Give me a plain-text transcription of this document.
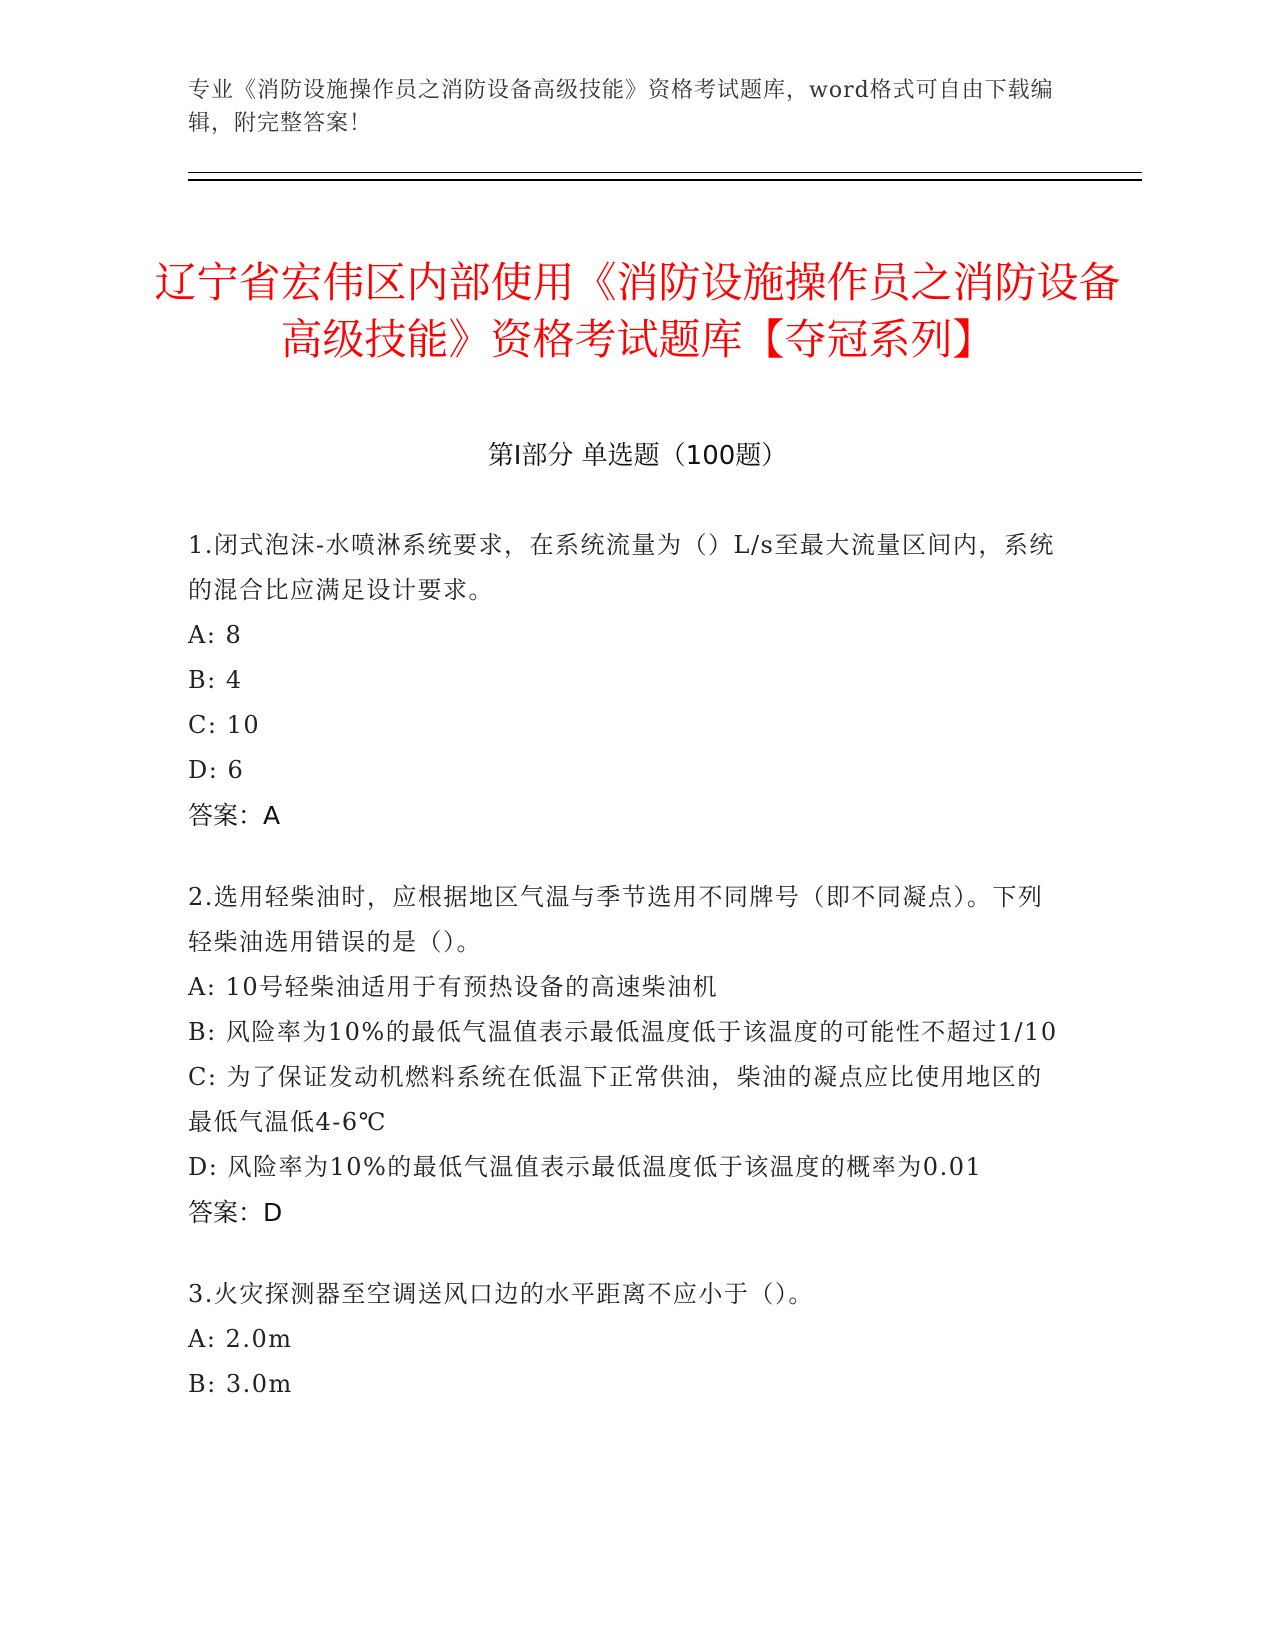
专业《消防设施操作员之消防设备高级技能》资格考试题库，word格式可自由下载编辑，附完整答案！
辽宁省宏伟区内部使用《消防设施操作员之消防设备高级技能》资格考试题库【夺冠系列】
第Ⅰ部分 单选题（100题）
1.闭式泡沫-水喷淋系统要求，在系统流量为（）L/s至最大流量区间内，系统的混合比应满足设计要求。
A: 8
B: 4
C: 10
D: 6
答案：A
2.选用轻柴油时，应根据地区气温与季节选用不同牌号（即不同凝点）。下列轻柴油选用错误的是（）。
A: 10号轻柴油适用于有预热设备的高速柴油机
B: 风险率为10%的最低气温值表示最低温度低于该温度的可能性不超过1/10
C: 为了保证发动机燃料系统在低温下正常供油，柴油的凝点应比使用地区的最低气温低4-6℃
D: 风险率为10%的最低气温值表示最低温度低于该温度的概率为0.01
答案：D
3.火灾探测器至空调送风口边的水平距离不应小于（）。
A: 2.0m
B: 3.0m
